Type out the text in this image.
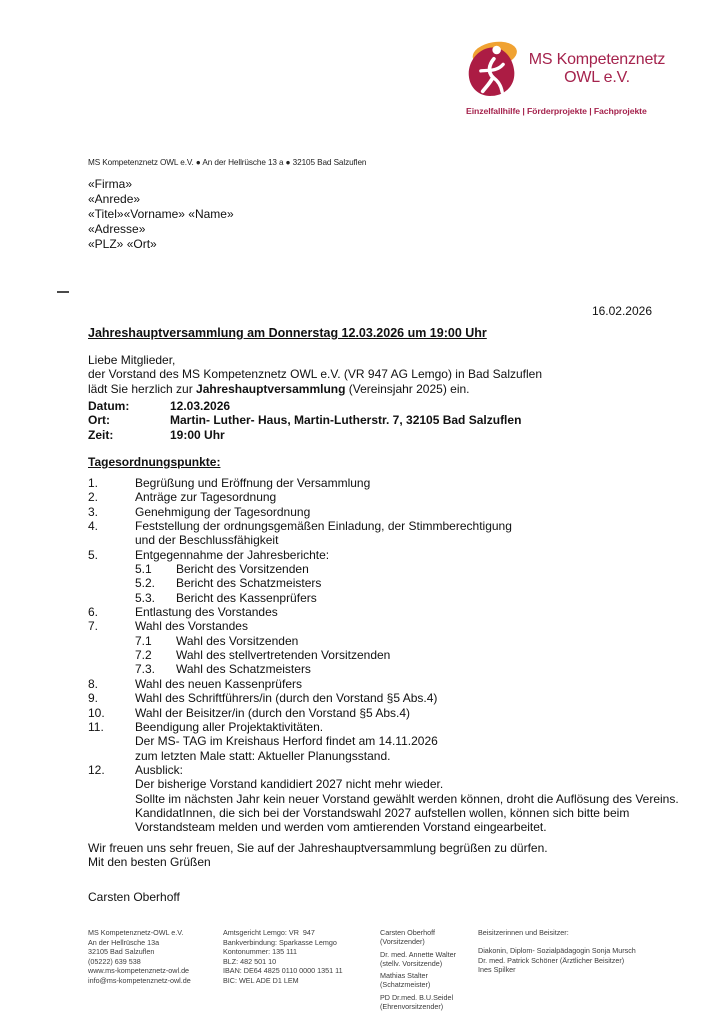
MS Kompetenznetz
OWL e.V.
Einzelfallhilfe | Förderprojekte | Fachprojekte
MS Kompetenznetz OWL e.V. ● An der Hellrüsche 13 a ● 32105 Bad Salzuflen
«Firma»
«Anrede»
«Titel»«Vorname» «Name»
«Adresse»
«PLZ» «Ort»
16.02.2026
Jahreshauptversammlung am Donnerstag 12.03.2026 um 19:00 Uhr
Liebe Mitglieder,
der Vorstand des MS Kompetenznetz OWL e.V. (VR 947 AG Lemgo) in Bad Salzuflen
lädt Sie herzlich zur Jahreshauptversammlung (Vereinsjahr 2025) ein.
Datum:	12.03.2026
Ort:	Martin- Luther- Haus, Martin-Lutherstr. 7, 32105 Bad Salzuflen
Zeit:	19:00 Uhr
Tagesordnungspunkte:
1.	Begrüßung und Eröffnung der Versammlung
2.	Anträge zur Tagesordnung
3.	Genehmigung der Tagesordnung
4.	Feststellung der ordnungsgemäßen Einladung, der Stimmberechtigung
und der Beschlussfähigkeit
5.	Entgegennahme der Jahresberichte:
5.1	Bericht des Vorsitzenden
5.2.	Bericht des Schatzmeisters
5.3.	Bericht des Kassenprüfers
6.	Entlastung des Vorstandes
7.	Wahl des Vorstandes
7.1	Wahl des Vorsitzenden
7.2	Wahl des stellvertretenden Vorsitzenden
7.3.	Wahl des Schatzmeisters
8.	Wahl des neuen Kassenprüfers
9.	Wahl des Schriftführers/in (durch den Vorstand §5 Abs.4)
10.	Wahl der Beisitzer/in (durch den Vorstand §5 Abs.4)
11.	Beendigung aller Projektaktivitäten.
Der MS- TAG im Kreishaus Herford findet am 14.11.2026
zum letzten Male statt: Aktueller Planungsstand.
12.	Ausblick:
Der bisherige Vorstand kandidiert 2027 nicht mehr wieder.
Sollte im nächsten Jahr kein neuer Vorstand gewählt werden können, droht die Auflösung des Vereins.
KandidatInnen, die sich bei der Vorstandswahl 2027 aufstellen wollen, können sich bitte beim
Vorstandsteam melden und werden vom amtierenden Vorstand eingearbeitet.
Wir freuen uns sehr freuen, Sie auf der Jahreshauptversammlung begrüßen zu dürfen.
Mit den besten Grüßen
Carsten Oberhoff
MS Kompetenznetz-OWL e.V.
An der Hellrüsche 13a
32105 Bad Salzuflen
(05222) 639 538
www.ms-kompetenznetz-owl.de
info@ms-kompetenznetz-owl.de
Amtsgericht Lemgo: VR  947
Bankverbindung: Sparkasse Lemgo
Kontonummer: 135 111
BLZ: 482 501 10
IBAN: DE64 4825 0110 0000 1351 11
BIC: WEL ADE D1 LEM
Carsten Oberhoff
(Vorsitzender)
Dr. med. Annette Walter
(stellv. Vorsitzende)
Mathias Stalter
(Schatzmeister)
PD Dr.med. B.U.Seidel
(Ehrenvorsitzender)
Beisitzerinnen und Beisitzer:
Diakonin, Diplom- Sozialpädagogin Sonja Mursch
Dr. med. Patrick Schöner (Ärztlicher Beisitzer)
Ines Spilker
